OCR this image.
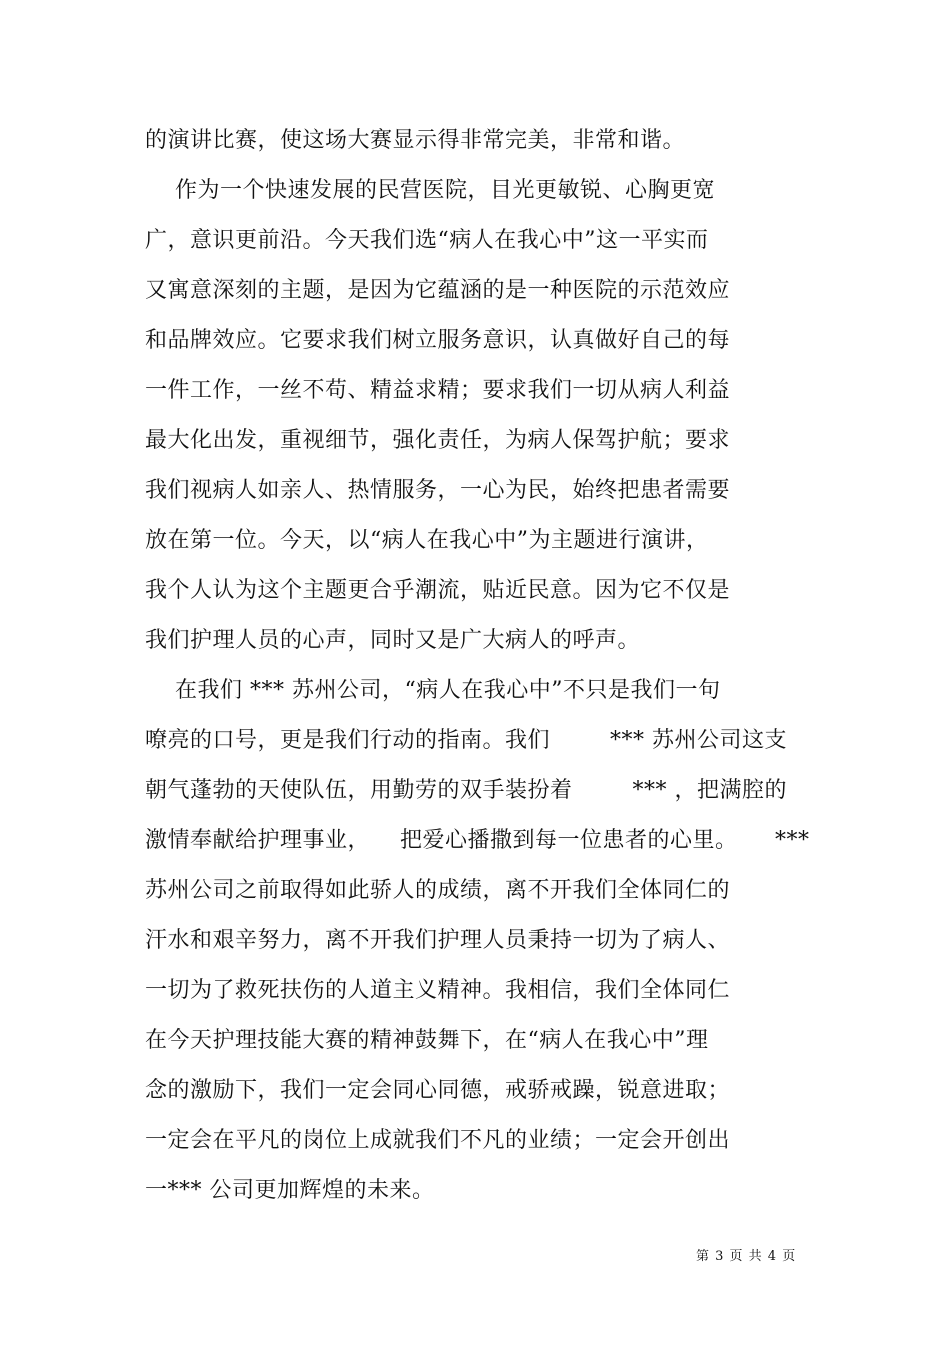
的演讲比赛，使这场大赛显示得非常完美，非常和谐。
作为一个快速发展的民营医院，目光更敏锐、心胸更宽
广，意识更前沿。今天我们选“病人在我心中”这一平实而
又寓意深刻的主题，是因为它蕴涵的是一种医院的示范效应
和品牌效应。它要求我们树立服务意识，认真做好自己的每
一件工作，一丝不苟、精益求精；要求我们一切从病人利益
最大化出发，重视细节，强化责任，为病人保驾护航；要求
我们视病人如亲人、热情服务，一心为民，始终把患者需要
放在第一位。今天，以“病人在我心中”为主题进行演讲，
我个人认为这个主题更合乎潮流，贴近民意。因为它不仅是
我们护理人员的心声，同时又是广大病人的呼声。
在我们 *** 苏州公司，“病人在我心中”不只是我们一句
嘹亮的口号，更是我们行动的指南。我们        *** 苏州公司这支
朝气蓬勃的天使队伍，用勤劳的双手装扮着        *** ，把满腔的
激情奉献给护理事业，    把爱心播撒到每一位患者的心里。     ***
苏州公司之前取得如此骄人的成绩，离不开我们全体同仁的
汗水和艰辛努力，离不开我们护理人员秉持一切为了病人、
一切为了救死扶伤的人道主义精神。我相信，我们全体同仁
在今天护理技能大赛的精神鼓舞下，在“病人在我心中”理
念的激励下，我们一定会同心同德，戒骄戒躁，锐意进取；
一定会在平凡的岗位上成就我们不凡的业绩；一定会开创出
一*** 公司更加辉煌的未来。
第 3 页 共 4 页
